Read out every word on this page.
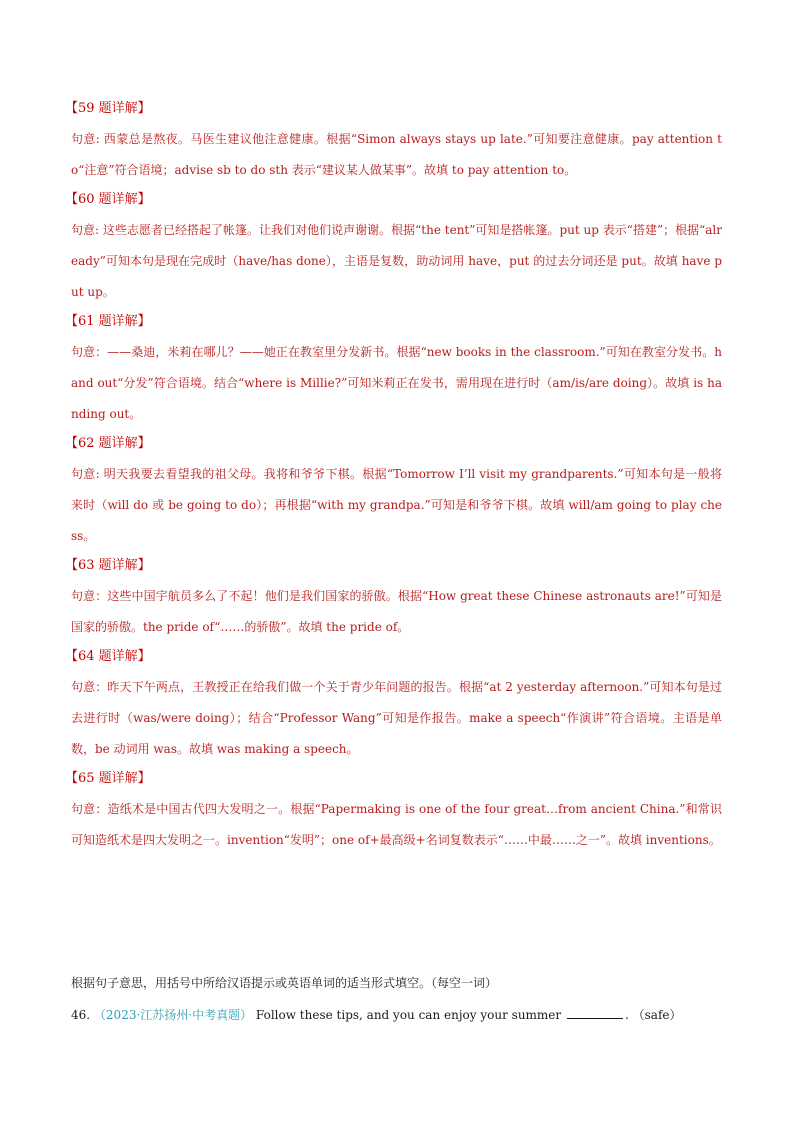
【59 题详解】
句意: 西蒙总是熬夜。马医生建议他注意健康。根据“Simon always stays up late.”可知要注意健康。pay attention to“注意”符合语境；advise sb to do sth 表示“建议某人做某事”。故填 to pay attention to。
【60 题详解】
句意: 这些志愿者已经搭起了帐篷。让我们对他们说声谢谢。根据“the tent”可知是搭帐篷。put up 表示“搭建”；根据“already”可知本句是现在完成时（have/has done），主语是复数，助动词用 have，put 的过去分词还是 put。故填 have put up。
【61 题详解】
句意：——桑迪，米莉在哪儿？——她正在教室里分发新书。根据“new books in the classroom.”可知在教室分发书。hand out“分发”符合语境。结合“where is Millie?”可知米莉正在发书，需用现在进行时（am/is/are doing）。故填 is handing out。
【62 题详解】
句意: 明天我要去看望我的祖父母。我将和爷爷下棋。根据“Tomorrow I’ll visit my grandparents.”可知本句是一般将来时（will do 或 be going to do）；再根据“with my grandpa.”可知是和爷爷下棋。故填 will/am going to play chess。
【63 题详解】
句意：这些中国宇航员多么了不起！他们是我们国家的骄傲。根据“How great these Chinese astronauts are!”可知是国家的骄傲。the pride of“……的骄傲”。故填 the pride of。
【64 题详解】
句意：昨天下午两点，王教授正在给我们做一个关于青少年问题的报告。根据“at 2 yesterday afternoon.”可知本句是过去进行时（was/were doing）；结合“Professor Wang”可知是作报告。make a speech“作演讲”符合语境。主语是单数，be 动词用 was。故填 was making a speech。
【65 题详解】
句意：造纸术是中国古代四大发明之一。根据“Papermaking is one of the four great…from ancient China.”和常识可知造纸术是四大发明之一。invention“发明”；one of+最高级+名词复数表示“……中最……之一”。故填 inventions。
根据句子意思，用括号中所给汉语提示或英语单词的适当形式填空。（每空一词）
46. （2023·江苏扬州·中考真题） Follow these tips, and you can enjoy your summer	. （safe）
